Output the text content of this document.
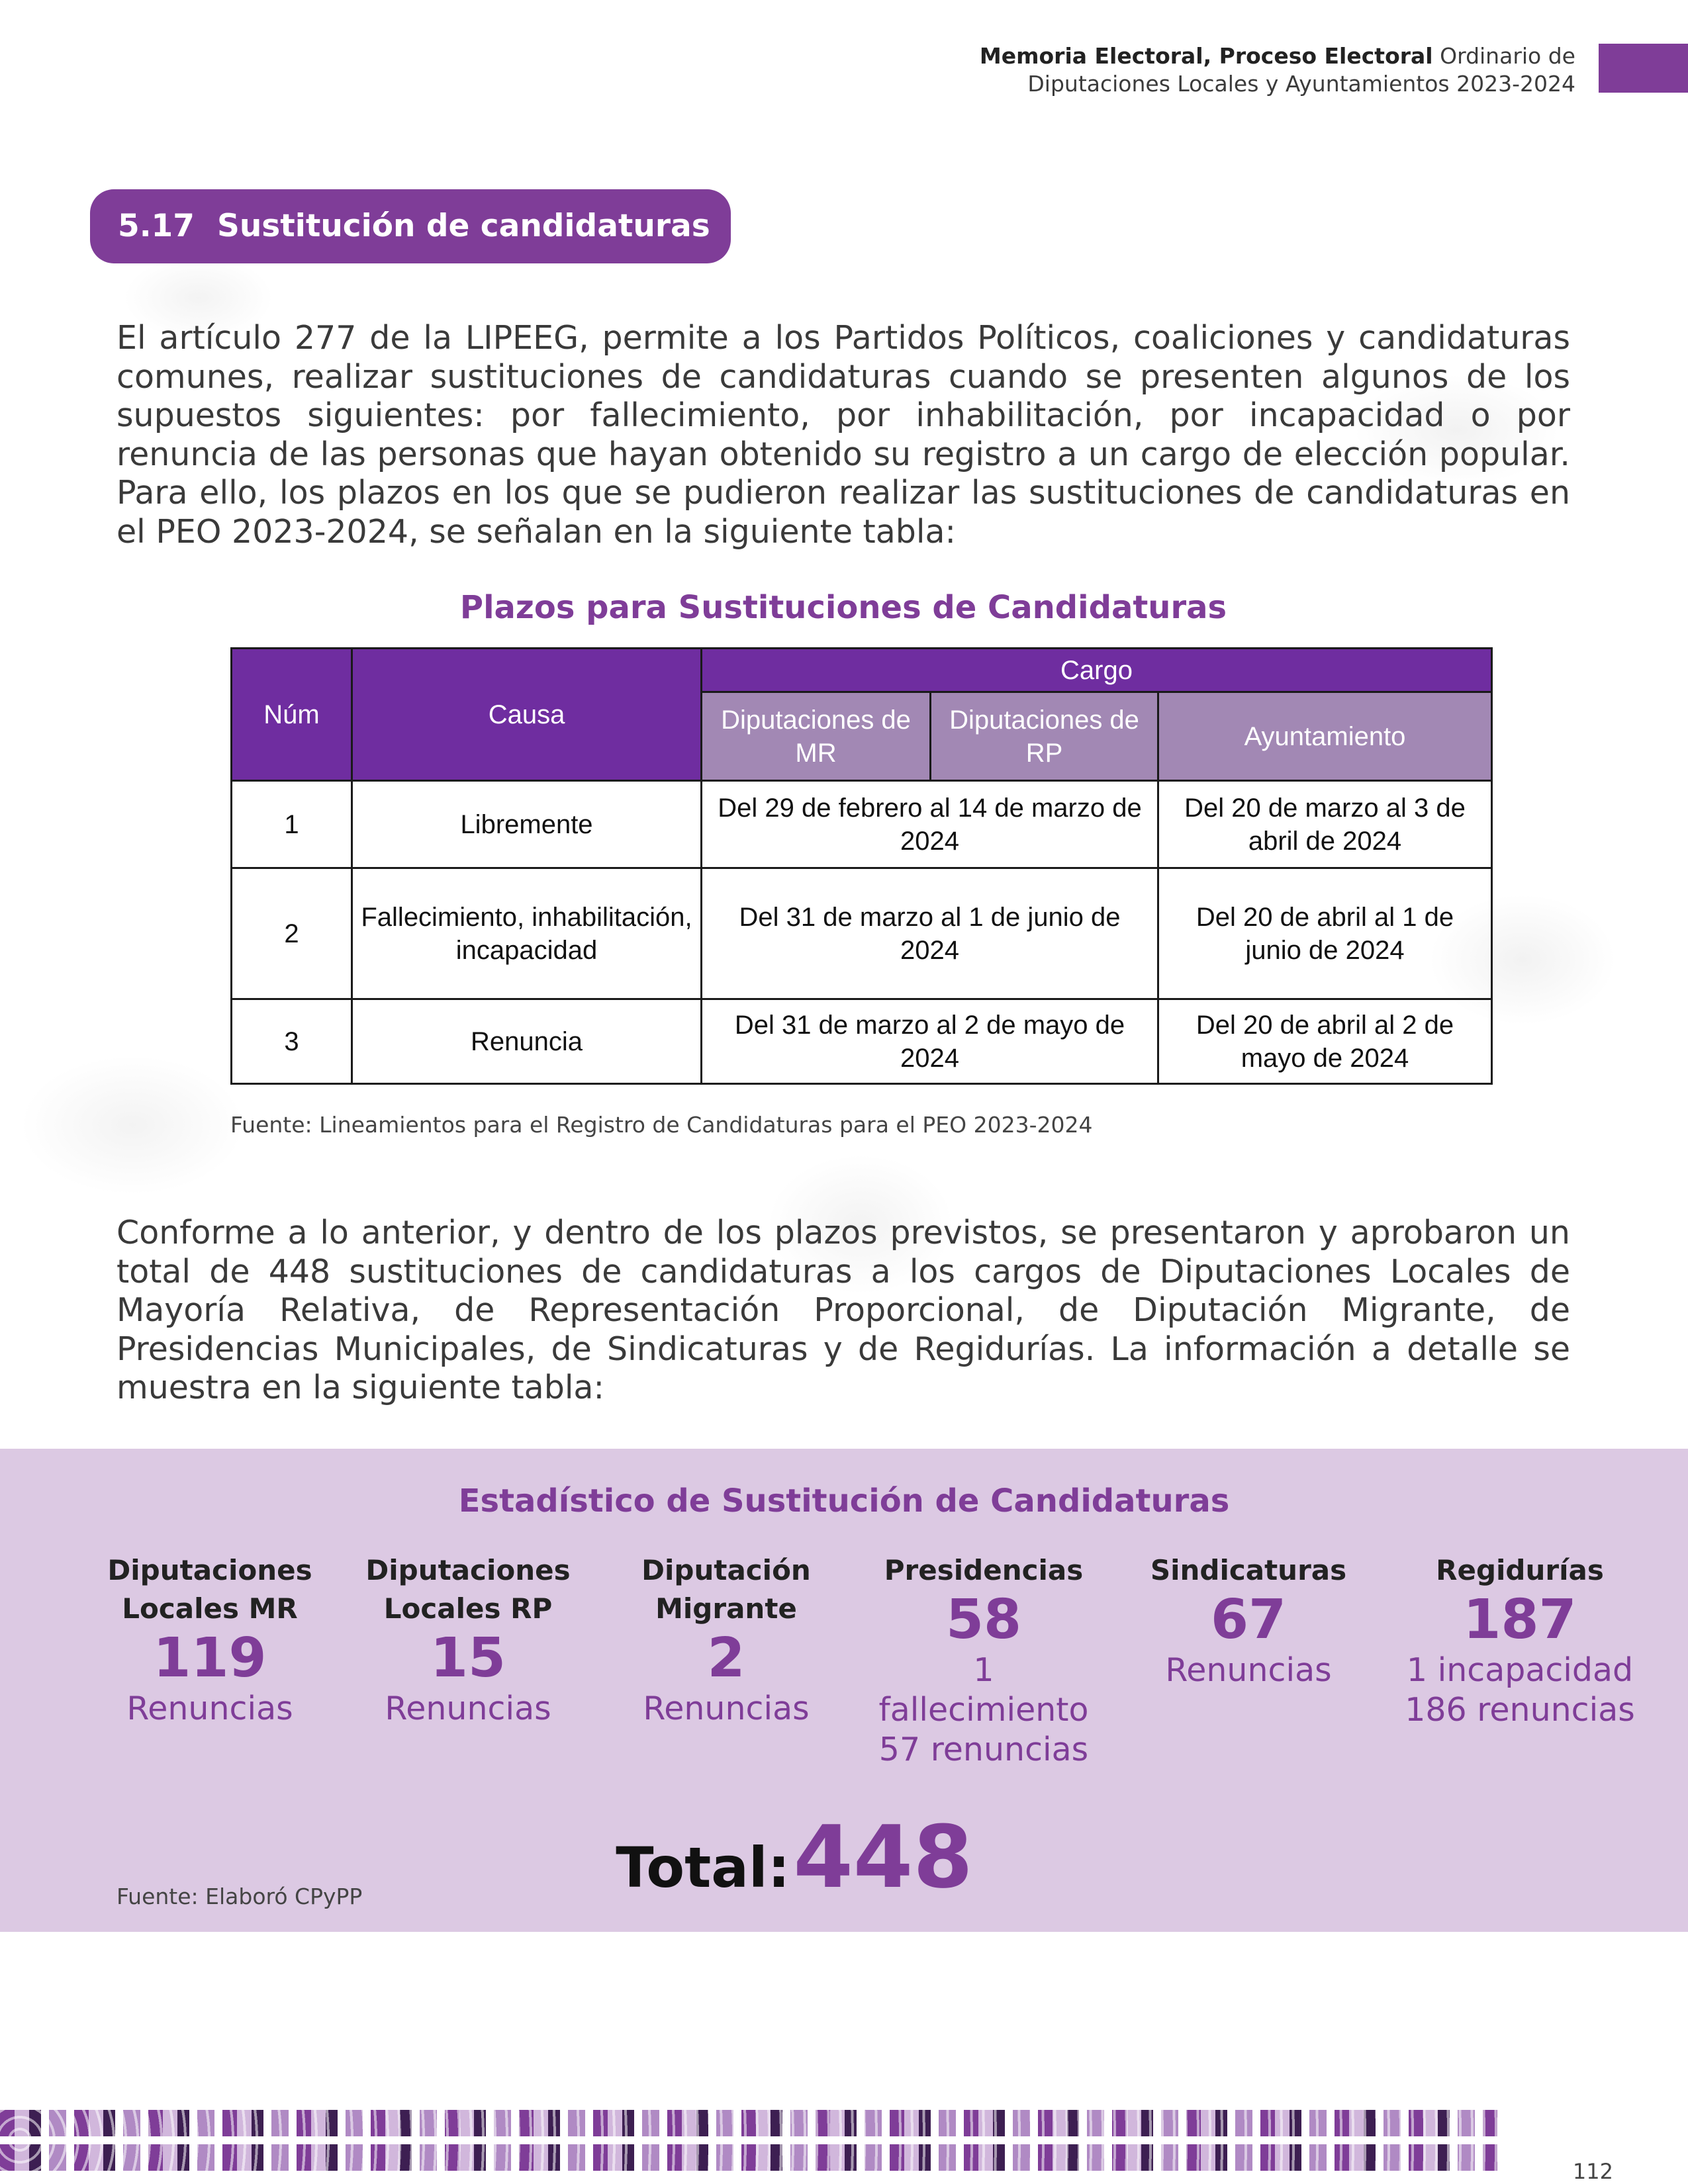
Memoria Electoral, Proceso Electoral Ordinario de
Diputaciones Locales y Ayuntamientos 2023-2024
5.17 Sustitución de candidaturas

El artículo 277 de la LIPEEG, permite a los Partidos Políticos, coaliciones y candidaturas comunes, realizar sustituciones de candidaturas cuando se presenten algunos de los supuestos siguientes: por fallecimiento, por inhabilitación, por incapacidad o por renuncia de las personas que hayan obtenido su registro a un cargo de elección popular. Para ello, los plazos en los que se pudieron realizar las sustituciones de candidaturas en el PEO 2023-2024, se señalan en la siguiente tabla:

Plazos para Sustituciones de Candidaturas
Núm	Causa	Cargo		
		Diputaciones de MR	Diputaciones de RP	Ayuntamiento
1	Libremente	Del 29 de febrero al 14 de marzo de 2024		Del 20 de marzo al 3 de abril de 2024
2	Fallecimiento, inhabilitación, incapacidad	Del 31 de marzo al 1 de junio de 2024		Del 20 de abril al 1 de junio de 2024
3	Renuncia	Del 31 de marzo al 2 de mayo de 2024		Del 20 de abril al 2 de mayo de 2024
Fuente: Lineamientos para el Registro de Candidaturas para el PEO 2023-2024

Conforme a lo anterior, y dentro de los plazos previstos, se presentaron y aprobaron un total de 448 sustituciones de candidaturas a los cargos de Diputaciones Locales de Mayoría Relativa, de Representación Proporcional, de Diputación Migrante, de Presidencias Municipales, de Sindicaturas y de Regidurías. La información a detalle se muestra en la siguiente tabla:

Estadístico de Sustitución de Candidaturas
Diputaciones Locales MR
119
Renuncias
Diputaciones Locales RP
15
Renuncias
Diputación Migrante
2
Renuncias
Presidencias
58
1 fallecimiento 57 renuncias
Sindicaturas
67
Renuncias
Regidurías
187
1 incapacidad 186 renuncias
Total: 448
Fuente: Elaboró CPyPP
112
